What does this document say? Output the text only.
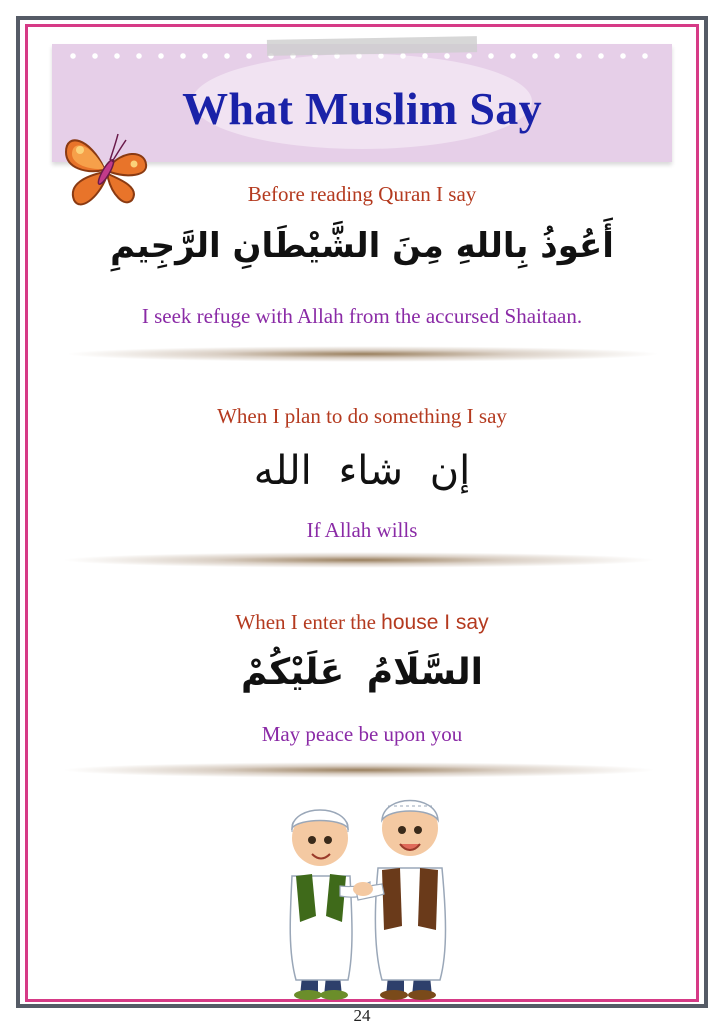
What Muslim Say
Before reading Quran I say
أَعُوذُ بِاللهِ مِنَ الشَّيْطَانِ الرَّجِيمِ
I seek refuge with Allah from the accursed Shaitaan.
When I plan to do something I say
إن شاء الله
If Allah wills
When I enter the house I say
السَّلَامُ عَلَيْكُمْ
May peace be upon you
24
